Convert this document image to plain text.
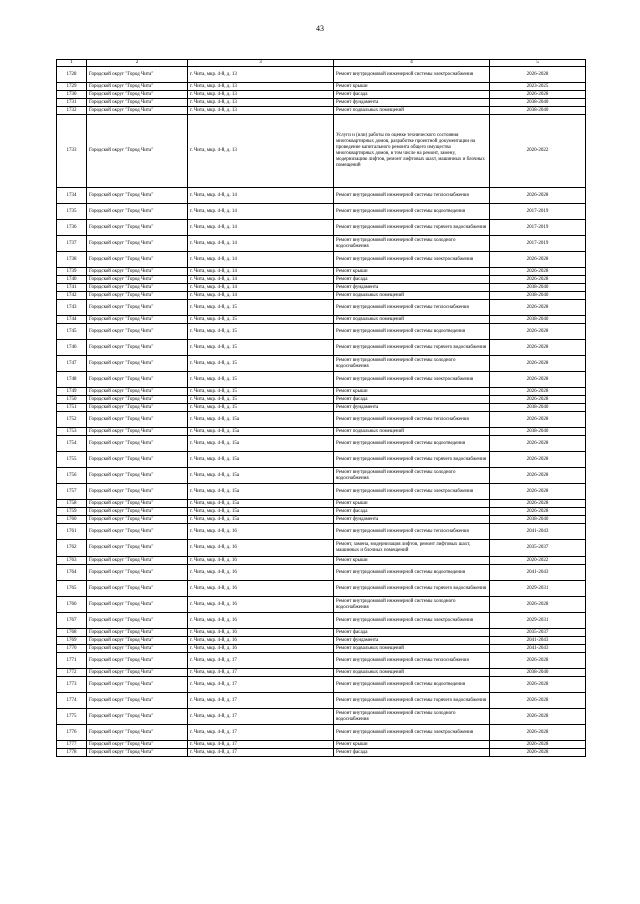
43
1	2	3	4	5
1728	Городской округ "Город Чита"	г. Чита, мкр. 4-й, д. 13	Ремонт внутридомовой инженерной системы электроснабжения	2026-2028
1729	Городской округ "Город Чита"	г. Чита, мкр. 4-й, д. 13	Ремонт крыши	2023-2025
1730	Городской округ "Город Чита"	г. Чита, мкр. 4-й, д. 13	Ремонт фасада	2026-2028
1731	Городской округ "Город Чита"	г. Чита, мкр. 4-й, д. 13	Ремонт фундамента	2038-2040
1732	Городской округ "Город Чита"	г. Чита, мкр. 4-й, д. 13	Ремонт подвальных помещений	2038-2040
1733	Городской округ "Город Чита"	г. Чита, мкр. 4-й, д. 13	Услуги и (или) работы по оценке технического состояния многоквартирных домов, разработке проектной документации на проведение капитального ремонта общего имущества многоквартирных домов, в том числе на ремонт, замену, модернизацию лифтов, ремонт лифтовых шахт, машинных и блочных помещений	2020-2022
1734	Городской округ "Город Чита"	г. Чита, мкр. 4-й, д. 14	Ремонт внутридомовой инженерной системы теплоснабжения	2026-2028
1735	Городской округ "Город Чита"	г. Чита, мкр. 4-й, д. 14	Ремонт внутридомовой инженерной системы водоотведения	2017-2019
1736	Городской округ "Город Чита"	г. Чита, мкр. 4-й, д. 14	Ремонт внутридомовой инженерной системы горячего водоснабжения	2017-2019
1737	Городской округ "Город Чита"	г. Чита, мкр. 4-й, д. 14	Ремонт внутридомовой инженерной системы холодного водоснабжения	2017-2019
1738	Городской округ "Город Чита"	г. Чита, мкр. 4-й, д. 14	Ремонт внутридомовой инженерной системы электроснабжения	2026-2028
1739	Городской округ "Город Чита"	г. Чита, мкр. 4-й, д. 14	Ремонт крыши	2026-2028
1740	Городской округ "Город Чита"	г. Чита, мкр. 4-й, д. 14	Ремонт фасада	2026-2028
1741	Городской округ "Город Чита"	г. Чита, мкр. 4-й, д. 14	Ремонт фундамента	2038-2040
1742	Городской округ "Город Чита"	г. Чита, мкр. 4-й, д. 14	Ремонт подвальных помещений	2038-2040
1743	Городской округ "Город Чита"	г. Чита, мкр. 4-й, д. 15	Ремонт внутридомовой инженерной системы теплоснабжения	2026-2028
1744	Городской округ "Город Чита"	г. Чита, мкр. 4-й, д. 15	Ремонт подвальных помещений	2038-2040
1745	Городской округ "Город Чита"	г. Чита, мкр. 4-й, д. 15	Ремонт внутридомовой инженерной системы водоотведения	2026-2028
1746	Городской округ "Город Чита"	г. Чита, мкр. 4-й, д. 15	Ремонт внутридомовой инженерной системы горячего водоснабжения	2026-2028
1747	Городской округ "Город Чита"	г. Чита, мкр. 4-й, д. 15	Ремонт внутридомовой инженерной системы холодного водоснабжения	2026-2028
1748	Городской округ "Город Чита"	г. Чита, мкр. 4-й, д. 15	Ремонт внутридомовой инженерной системы электроснабжения	2026-2028
1749	Городской округ "Город Чита"	г. Чита, мкр. 4-й, д. 15	Ремонт крыши	2026-2028
1750	Городской округ "Город Чита"	г. Чита, мкр. 4-й, д. 15	Ремонт фасада	2026-2028
1751	Городской округ "Город Чита"	г. Чита, мкр. 4-й, д. 15	Ремонт фундамента	2038-2040
1752	Городской округ "Город Чита"	г. Чита, мкр. 4-й, д. 15а	Ремонт внутридомовой инженерной системы теплоснабжения	2026-2028
1753	Городской округ "Город Чита"	г. Чита, мкр. 4-й, д. 15а	Ремонт подвальных помещений	2038-2040
1754	Городской округ "Город Чита"	г. Чита, мкр. 4-й, д. 15а	Ремонт внутридомовой инженерной системы водоотведения	2026-2028
1755	Городской округ "Город Чита"	г. Чита, мкр. 4-й, д. 15а	Ремонт внутридомовой инженерной системы горячего водоснабжения	2026-2028
1756	Городской округ "Город Чита"	г. Чита, мкр. 4-й, д. 15а	Ремонт внутридомовой инженерной системы холодного водоснабжения	2026-2028
1757	Городской округ "Город Чита"	г. Чита, мкр. 4-й, д. 15а	Ремонт внутридомовой инженерной системы электроснабжения	2026-2028
1758	Городской округ "Город Чита"	г. Чита, мкр. 4-й, д. 15а	Ремонт крыши	2026-2028
1759	Городской округ "Город Чита"	г. Чита, мкр. 4-й, д. 15а	Ремонт фасада	2026-2028
1760	Городской округ "Город Чита"	г. Чита, мкр. 4-й, д. 15а	Ремонт фундамента	2038-2040
1761	Городской округ "Город Чита"	г. Чита, мкр. 4-й, д. 16	Ремонт внутридомовой инженерной системы теплоснабжения	2041-2043
1762	Городской округ "Город Чита"	г. Чита, мкр. 4-й, д. 16	Ремонт, замена, модернизация лифтов, ремонт лифтовых шахт, машинных и блочных помещений	2035-2037
1763	Городской округ "Город Чита"	г. Чита, мкр. 4-й, д. 16	Ремонт крыши	2020-2022
1764	Городской округ "Город Чита"	г. Чита, мкр. 4-й, д. 16	Ремонт внутридомовой инженерной системы водоотведения	2041-2043
1765	Городской округ "Город Чита"	г. Чита, мкр. 4-й, д. 16	Ремонт внутридомовой инженерной системы горячего водоснабжения	2029-2031
1766	Городской округ "Город Чита"	г. Чита, мкр. 4-й, д. 16	Ремонт внутридомовой инженерной системы холодного водоснабжения	2026-2028
1767	Городской округ "Город Чита"	г. Чита, мкр. 4-й, д. 16	Ремонт внутридомовой инженерной системы электроснабжения	2029-2031
1768	Городской округ "Город Чита"	г. Чита, мкр. 4-й, д. 16	Ремонт фасада	2035-2037
1769	Городской округ "Город Чита"	г. Чита, мкр. 4-й, д. 16	Ремонт фундамента	2041-2043
1770	Городской округ "Город Чита"	г. Чита, мкр. 4-й, д. 16	Ремонт подвальных помещений	2041-2043
1771	Городской округ "Город Чита"	г. Чита, мкр. 4-й, д. 17	Ремонт внутридомовой инженерной системы теплоснабжения	2026-2028
1772	Городской округ "Город Чита"	г. Чита, мкр. 4-й, д. 17	Ремонт подвальных помещений	2038-2040
1773	Городской округ "Город Чита"	г. Чита, мкр. 4-й, д. 17	Ремонт внутридомовой инженерной системы водоотведения	2026-2028
1774	Городской округ "Город Чита"	г. Чита, мкр. 4-й, д. 17	Ремонт внутридомовой инженерной системы горячего водоснабжения	2026-2028
1775	Городской округ "Город Чита"	г. Чита, мкр. 4-й, д. 17	Ремонт внутридомовой инженерной системы холодного водоснабжения	2026-2028
1776	Городской округ "Город Чита"	г. Чита, мкр. 4-й, д. 17	Ремонт внутридомовой инженерной системы электроснабжения	2026-2028
1777	Городской округ "Город Чита"	г. Чита, мкр. 4-й, д. 17	Ремонт крыши	2026-2028
1778	Городской округ "Город Чита"	г. Чита, мкр. 4-й, д. 17	Ремонт фасада	2026-2028
